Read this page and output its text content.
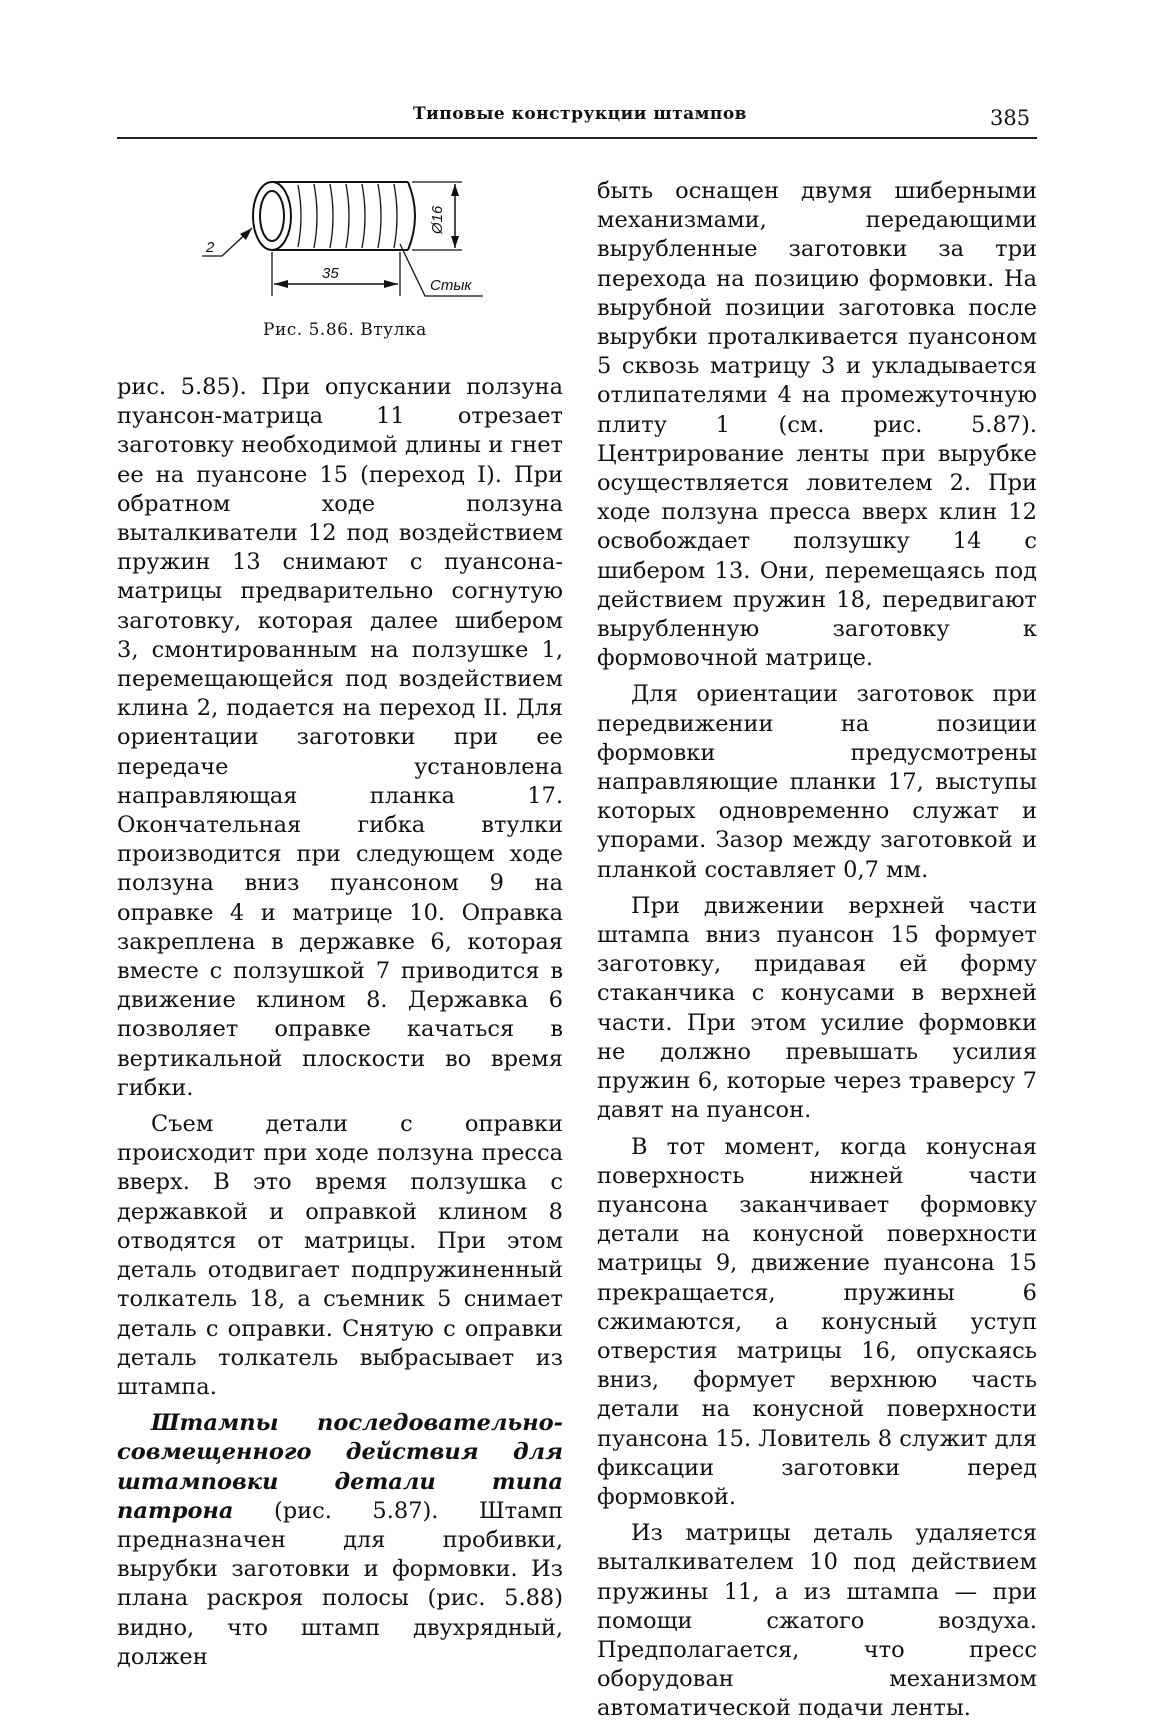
Типовые конструкции штампов	385
2
35
Стык
Ø16
Рис. 5.86. Втулка

рис. 5.85). При опускании ползуна пуансон-матрица 11 отрезает заготовку необходимой длины и гнет ее на пуансоне 15 (переход I). При обратном ходе ползуна выталкиватели 12 под воздействием пружин 13 снимают с пуансона-матрицы предварительно согнутую заготовку, которая далее шибером 3, смонтированным на ползушке 1, перемещающейся под воздействием клина 2, подается на переход II. Для ориентации заготовки при ее передаче установлена направляющая планка 17. Окончательная гибка втулки производится при следующем ходе ползуна вниз пуансоном 9 на оправке 4 и матрице 10. Оправка закреплена в державке 6, которая вместе с ползушкой 7 приводится в движение клином 8. Державка 6 позволяет оправке качаться в вертикальной плоскости во время гибки.

Съем детали с оправки происходит при ходе ползуна пресса вверх. В это время ползушка с державкой и оправкой клином 8 отводятся от матрицы. При этом деталь отодвигает подпружиненный толкатель 18, а съемник 5 снимает деталь с оправки. Снятую с оправки деталь толкатель выбрасывает из штампа.

Штампы последовательно-совмещенного действия для штамповки детали типа патрона (рис. 5.87). Штамп предназначен для пробивки, вырубки заготовки и формовки. Из плана раскроя полосы (рис. 5.88) видно, что штамп двухрядный, должен

быть оснащен двумя шиберными механизмами, передающими вырубленные заготовки за три перехода на позицию формовки. На вырубной позиции заготовка после вырубки проталкивается пуансоном 5 сквозь матрицу 3 и укладывается отлипателями 4 на промежуточную плиту 1 (см. рис. 5.87). Центрирование ленты при вырубке осуществляется ловителем 2. При ходе ползуна пресса вверх клин 12 освобождает ползушку 14 с шибером 13. Они, перемещаясь под действием пружин 18, передвигают вырубленную заготовку к формовочной матрице.

Для ориентации заготовок при передвижении на позиции формовки предусмотрены направляющие планки 17, выступы которых одновременно служат и упорами. Зазор между заготовкой и планкой составляет 0,7 мм.

При движении верхней части штампа вниз пуансон 15 формует заготовку, придавая ей форму стаканчика с конусами в верхней части. При этом усилие формовки не должно превышать усилия пружин 6, которые через траверсу 7 давят на пуансон.

В тот момент, когда конусная поверхность нижней части пуансона заканчивает формовку детали на конусной поверхности матрицы 9, движение пуансона 15 прекращается, пружины 6 сжимаются, а конусный уступ отверстия матрицы 16, опускаясь вниз, формует верхнюю часть детали на конусной поверхности пуансона 15. Ловитель 8 служит для фиксации заготовки перед формовкой.

Из матрицы деталь удаляется выталкивателем 10 под действием пружины 11, а из штампа — при помощи сжатого воздуха. Предполагается, что пресс оборудован механизмом автоматической подачи ленты.
